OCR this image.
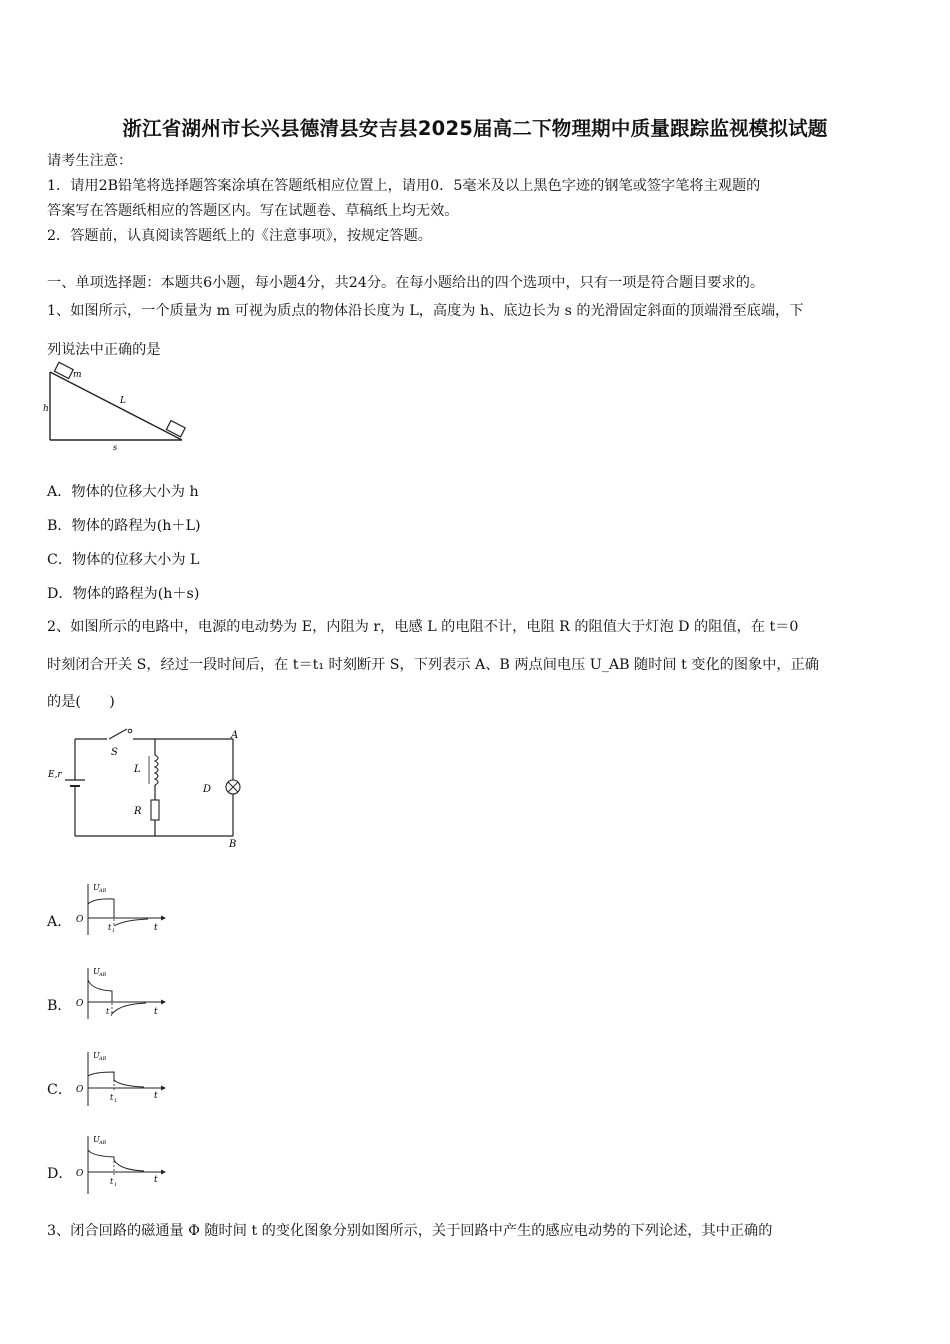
浙江省湖州市长兴县德清县安吉县2025届高二下物理期中质量跟踪监视模拟试题
请考生注意：
1．请用2B铅笔将选择题答案涂填在答题纸相应位置上，请用0．5毫米及以上黑色字迹的钢笔或签字笔将主观题的
答案写在答题纸相应的答题区内。写在试题卷、草稿纸上均无效。
2．答题前，认真阅读答题纸上的《注意事项》，按规定答题。
一、单项选择题：本题共6小题，每小题4分，共24分。在每小题给出的四个选项中，只有一项是符合题目要求的。
1、如图所示，一个质量为 m 可视为质点的物体沿长度为 L，高度为 h、底边长为 s 的光滑固定斜面的顶端滑至底端，下
列说法中正确的是
m
L
h
s
A．物体的位移大小为 h
B．物体的路程为(h＋L)
C．物体的位移大小为 L
D．物体的路程为(h＋s)
2、如图所示的电路中，电源的电动势为 E，内阻为 r，电感 L 的电阻不计，电阻 R 的阻值大于灯泡 D 的阻值，在 t＝0
时刻闭合开关 S，经过一段时间后，在 t＝t₁ 时刻断开 S，下列表示 A、B 两点间电压 U_AB 随时间 t 变化的图象中，正确
的是(　　)
S
E,r	L
R
D
A
B
A．
U AB
O
t
t 1
B．
U AB
O
t
t 1
C．
U AB
O
t
t 1
D．
U AB
O
t
t 1
3、闭合回路的磁通量 Φ 随时间 t 的变化图象分别如图所示，关于回路中产生的感应电动势的下列论述，其中正确的
